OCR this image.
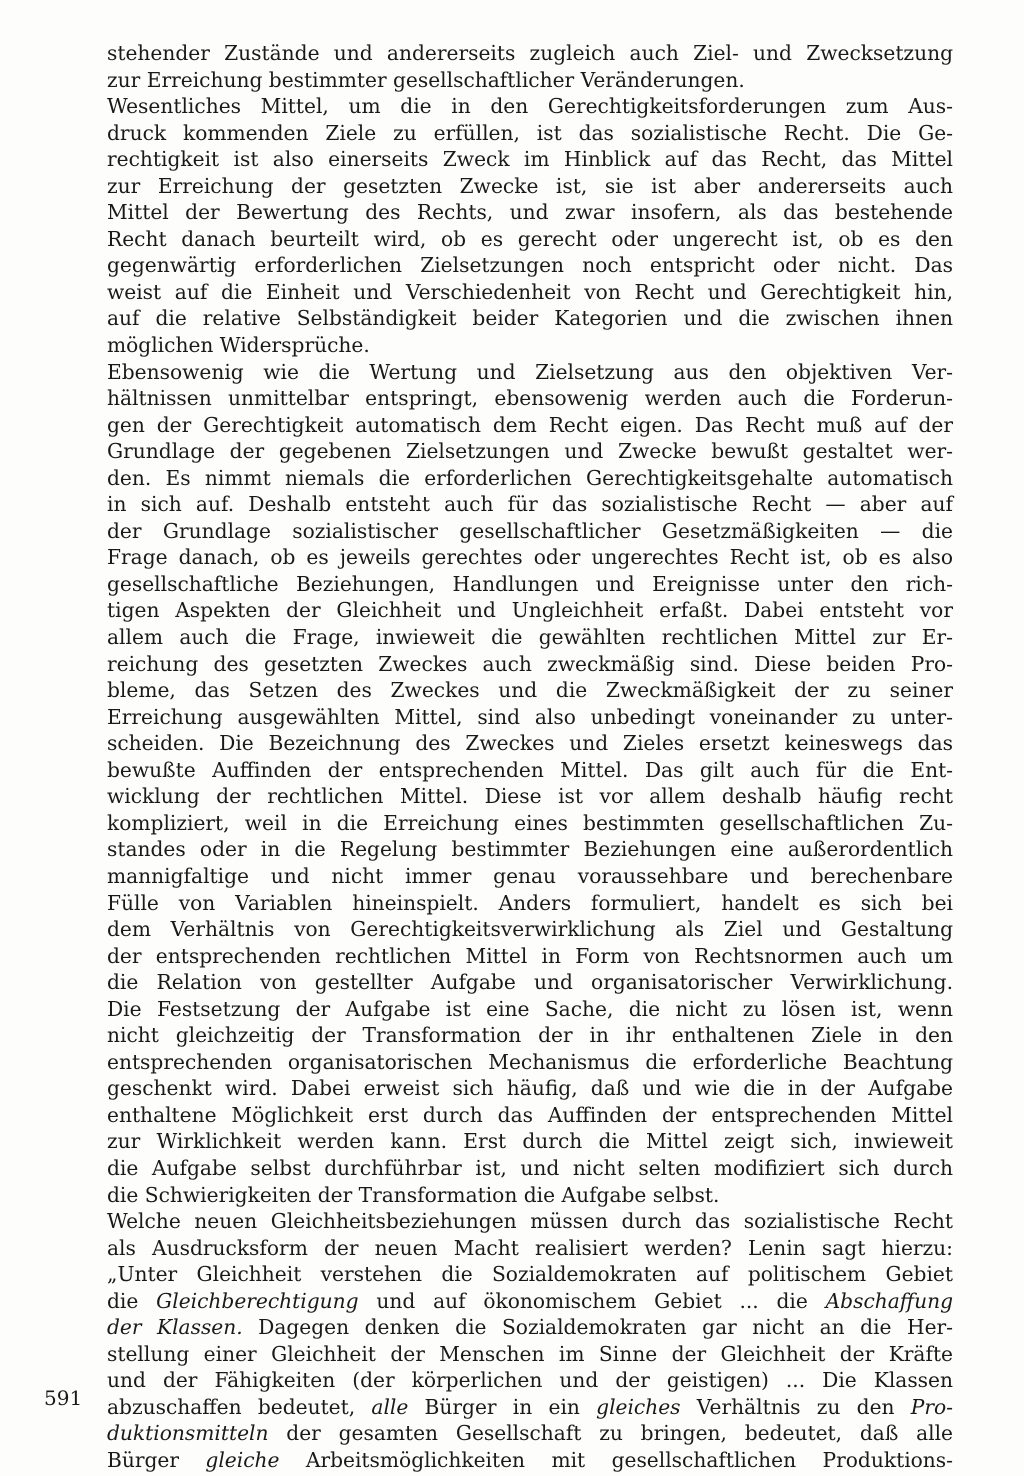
stehender Zustände und andererseits zugleich auch Ziel- und Zwecksetzung
zur Erreichung bestimmter gesellschaftlicher Veränderungen.
Wesentliches Mittel, um die in den Gerechtigkeitsforderungen zum Aus-
druck kommenden Ziele zu erfüllen, ist das sozialistische Recht. Die Ge-
rechtigkeit ist also einerseits Zweck im Hinblick auf das Recht, das Mittel
zur Erreichung der gesetzten Zwecke ist, sie ist aber andererseits auch
Mittel der Bewertung des Rechts, und zwar insofern, als das bestehende
Recht danach beurteilt wird, ob es gerecht oder ungerecht ist, ob es den
gegenwärtig erforderlichen Zielsetzungen noch entspricht oder nicht. Das
weist auf die Einheit und Verschiedenheit von Recht und Gerechtigkeit hin,
auf die relative Selbständigkeit beider Kategorien und die zwischen ihnen
möglichen Widersprüche.
Ebensowenig wie die Wertung und Zielsetzung aus den objektiven Ver-
hältnissen unmittelbar entspringt, ebensowenig werden auch die Forderun-
gen der Gerechtigkeit automatisch dem Recht eigen. Das Recht muß auf der
Grundlage der gegebenen Zielsetzungen und Zwecke bewußt gestaltet wer-
den. Es nimmt niemals die erforderlichen Gerechtigkeitsgehalte automatisch
in sich auf. Deshalb entsteht auch für das sozialistische Recht — aber auf
der Grundlage sozialistischer gesellschaftlicher Gesetzmäßigkeiten — die
Frage danach, ob es jeweils gerechtes oder ungerechtes Recht ist, ob es also
gesellschaftliche Beziehungen, Handlungen und Ereignisse unter den rich-
tigen Aspekten der Gleichheit und Ungleichheit erfaßt. Dabei entsteht vor
allem auch die Frage, inwieweit die gewählten rechtlichen Mittel zur Er-
reichung des gesetzten Zweckes auch zweckmäßig sind. Diese beiden Pro-
bleme, das Setzen des Zweckes und die Zweckmäßigkeit der zu seiner
Erreichung ausgewählten Mittel, sind also unbedingt voneinander zu unter-
scheiden. Die Bezeichnung des Zweckes und Zieles ersetzt keineswegs das
bewußte Auffinden der entsprechenden Mittel. Das gilt auch für die Ent-
wicklung der rechtlichen Mittel. Diese ist vor allem deshalb häufig recht
kompliziert, weil in die Erreichung eines bestimmten gesellschaftlichen Zu-
standes oder in die Regelung bestimmter Beziehungen eine außerordentlich
mannigfaltige und nicht immer genau voraussehbare und berechenbare
Fülle von Variablen hineinspielt. Anders formuliert, handelt es sich bei
dem Verhältnis von Gerechtigkeitsverwirklichung als Ziel und Gestaltung
der entsprechenden rechtlichen Mittel in Form von Rechtsnormen auch um
die Relation von gestellter Aufgabe und organisatorischer Verwirklichung.
Die Festsetzung der Aufgabe ist eine Sache, die nicht zu lösen ist, wenn
nicht gleichzeitig der Transformation der in ihr enthaltenen Ziele in den
entsprechenden organisatorischen Mechanismus die erforderliche Beachtung
geschenkt wird. Dabei erweist sich häufig, daß und wie die in der Aufgabe
enthaltene Möglichkeit erst durch das Auffinden der entsprechenden Mittel
zur Wirklichkeit werden kann. Erst durch die Mittel zeigt sich, inwieweit
die Aufgabe selbst durchführbar ist, und nicht selten modifiziert sich durch
die Schwierigkeiten der Transformation die Aufgabe selbst.
Welche neuen Gleichheitsbeziehungen müssen durch das sozialistische Recht
als Ausdrucksform der neuen Macht realisiert werden? Lenin sagt hierzu:
„Unter Gleichheit verstehen die Sozialdemokraten auf politischem Gebiet
die Gleichberechtigung und auf ökonomischem Gebiet ... die Abschaffung
der Klassen. Dagegen denken die Sozialdemokraten gar nicht an die Her-
stellung einer Gleichheit der Menschen im Sinne der Gleichheit der Kräfte
und der Fähigkeiten (der körperlichen und der geistigen) ... Die Klassen
abzuschaffen bedeutet, alle Bürger in ein gleiches Verhältnis zu den Pro-
duktionsmitteln der gesamten Gesellschaft zu bringen, bedeutet, daß alle
Bürger gleiche Arbeitsmöglichkeiten mit gesellschaftlichen Produktions-
591
